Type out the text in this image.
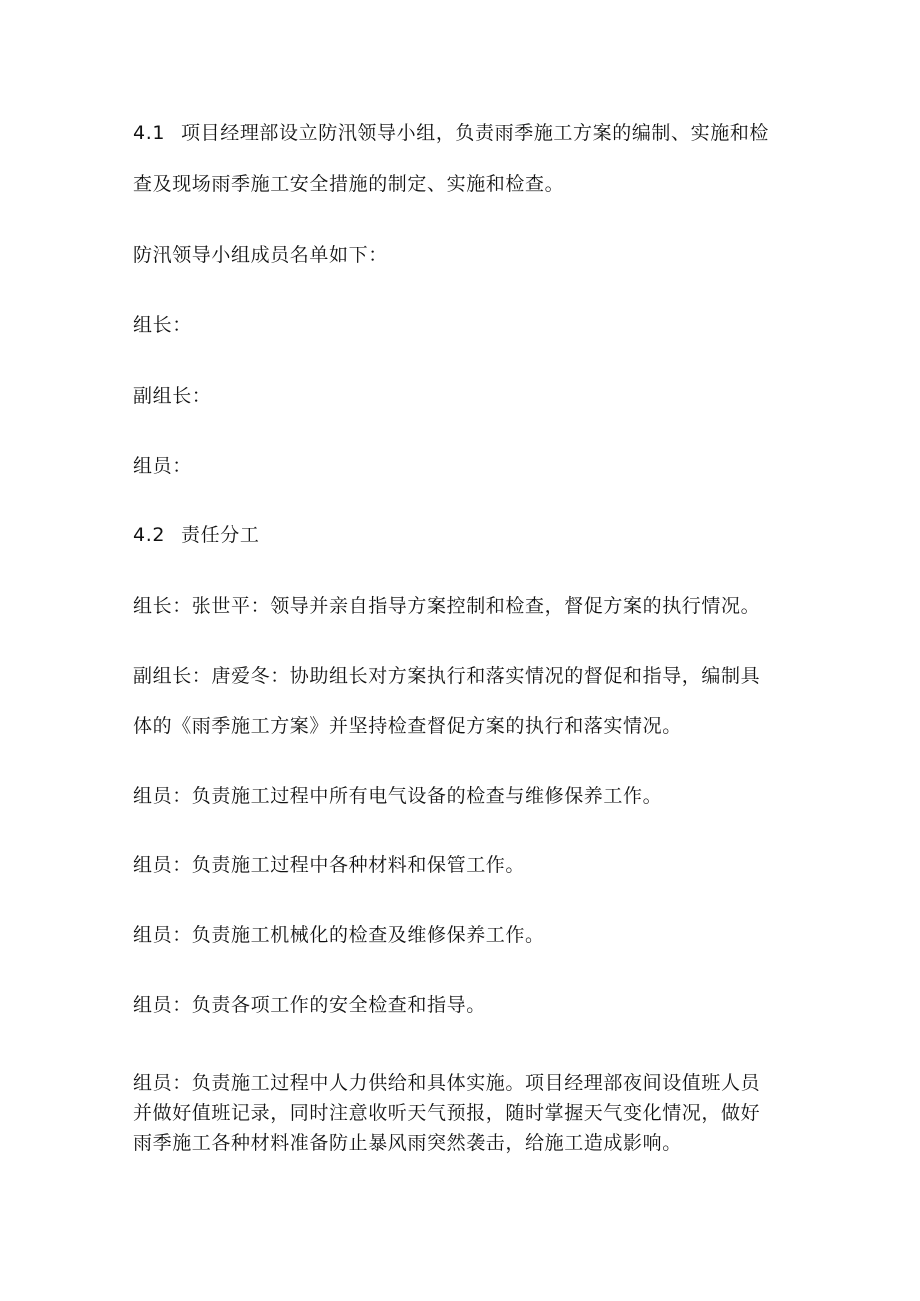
4.1 项目经理部设立防汛领导小组，负责雨季施工方案的编制、实施和检
查及现场雨季施工安全措施的制定、实施和检查。
防汛领导小组成员名单如下：
组长：
副组长：
组员：
4.2 责任分工
组长：张世平：领导并亲自指导方案控制和检查，督促方案的执行情况。
副组长：唐爱冬：协助组长对方案执行和落实情况的督促和指导，编制具
体的《雨季施工方案》并坚持检查督促方案的执行和落实情况。
组员：负责施工过程中所有电气设备的检查与维修保养工作。
组员：负责施工过程中各种材料和保管工作。
组员：负责施工机械化的检查及维修保养工作。
组员：负责各项工作的安全检查和指导。
组员：负责施工过程中人力供给和具体实施。项目经理部夜间设值班人员
并做好值班记录，同时注意收听天气预报，随时掌握天气变化情况，做好
雨季施工各种材料准备防止暴风雨突然袭击，给施工造成影响。
